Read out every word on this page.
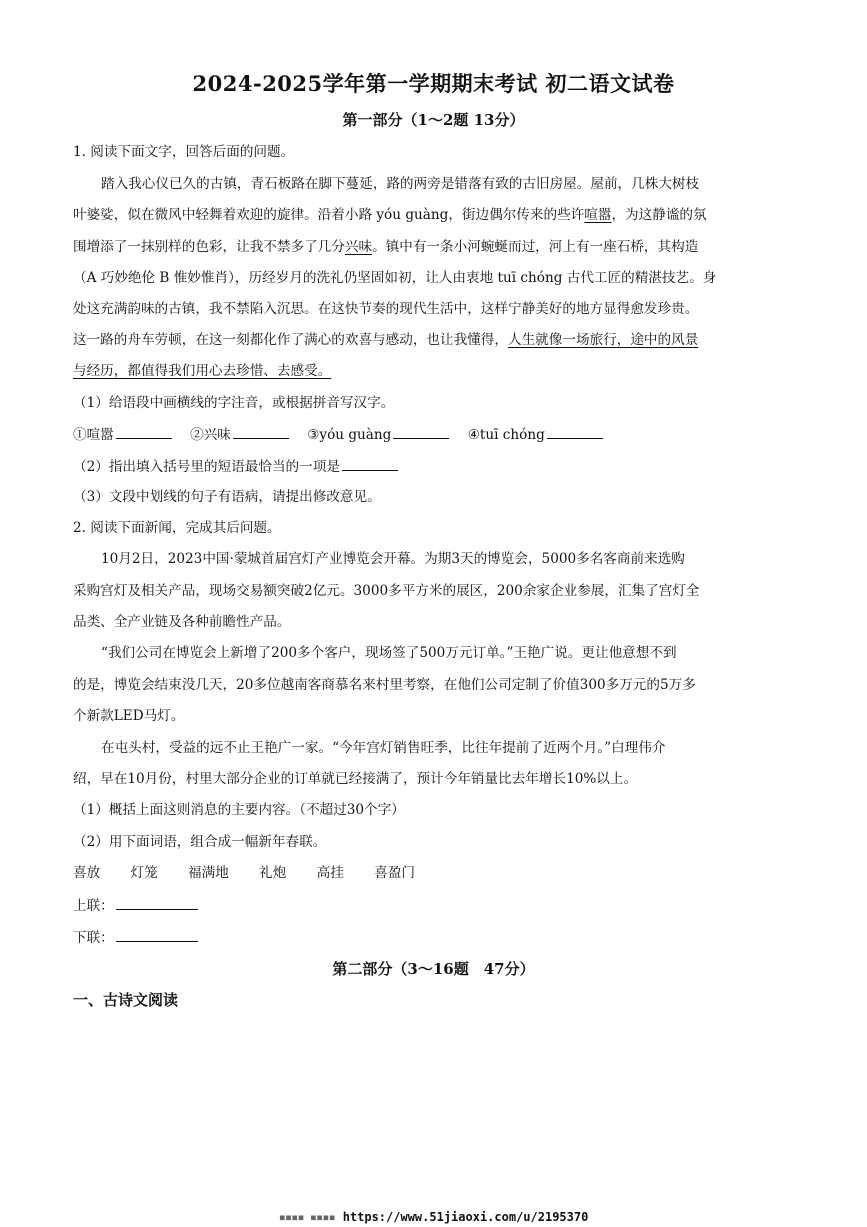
2024-2025学年第一学期期末考试 初二语文试卷
第一部分（1～2题 13分）
1. 阅读下面文字，回答后面的问题。
踏入我心仪已久的古镇，青石板路在脚下蔓延，路的两旁是错落有致的古旧房屋。屋前，几株大树枝
叶婆娑，似在微风中轻舞着欢迎的旋律。沿着小路 yóu guàng，街边偶尔传来的些许喧嚣，为这静谧的氛
围增添了一抹别样的色彩，让我不禁多了几分兴味。镇中有一条小河蜿蜒而过，河上有一座石桥，其构造
（A 巧妙绝伦 B 惟妙惟肖），历经岁月的洗礼仍坚固如初，让人由衷地 tuī chóng 古代工匠的精湛技艺。身
处这充满韵味的古镇，我不禁陷入沉思。在这快节奏的现代生活中，这样宁静美好的地方显得愈发珍贵。
这一路的舟车劳顿，在这一刻都化作了满心的欢喜与感动，也让我懂得，人生就像一场旅行，途中的风景
与经历，都值得我们用心去珍惜、去感受。
（1）给语段中画横线的字注音，或根据拼音写汉字。
①喧嚣	②兴味	③yóu guàng	④tuī chóng
（2）指出填入括号里的短语最恰当的一项是
（3）文段中划线的句子有语病，请提出修改意见。
2. 阅读下面新闻，完成其后问题。
10月2日，2023中国·蒙城首届宫灯产业博览会开幕。为期3天的博览会，5000多名客商前来选购
采购宫灯及相关产品，现场交易额突破2亿元。3000多平方米的展区，200余家企业参展，汇集了宫灯全
品类、全产业链及各种前瞻性产品。
“我们公司在博览会上新增了200多个客户，现场签了500万元订单。”王艳广说。更让他意想不到
的是，博览会结束没几天，20多位越南客商慕名来村里考察，在他们公司定制了价值300多万元的5万多
个新款LED马灯。
在屯头村，受益的远不止王艳广一家。“今年宫灯销售旺季，比往年提前了近两个月。”白理伟介
绍，早在10月份，村里大部分企业的订单就已经接满了，预计今年销量比去年增长10%以上。
（1）概括上面这则消息的主要内容。（不超过30个字）
（2）用下面词语，组合成一幅新年春联。
喜放 灯笼 福满地 礼炮 高挂 喜盈门
上联：
下联：
第二部分（3～16题　47分）
一、古诗文阅读
▪▪▪▪ ▪▪▪▪ https://www.51jiaoxi.com/u/2195370
